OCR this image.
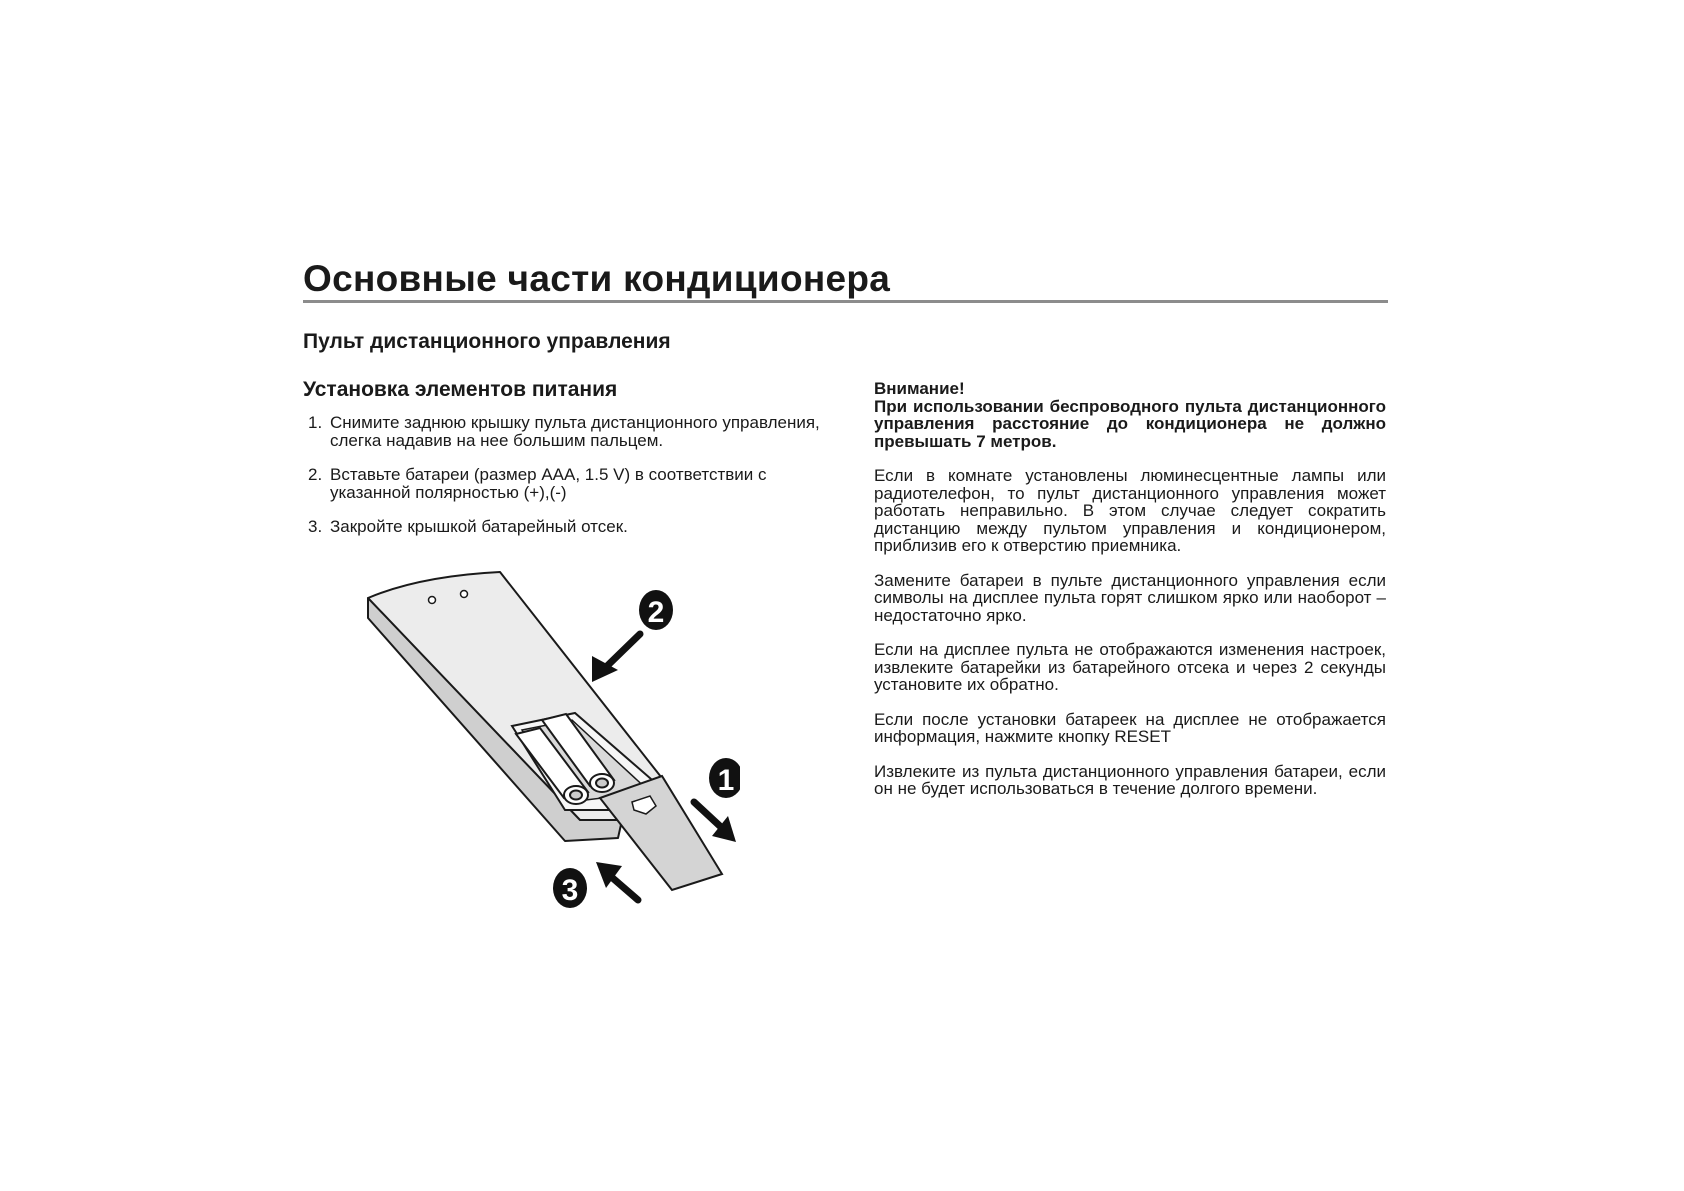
Основные части кондиционера
Пульт дистанционного управления
Установка элементов питания
1. Снимите заднюю крышку пульта дистанционного управления, слегка надавив на нее большим пальцем.
2. Вставьте батареи (размер AAA, 1.5 V) в соответствии с указанной полярностью (+),(-)
3. Закройте крышкой батарейный отсек.

Внимание!

При использовании беспроводного пульта дистанционного управления расстояние до кондиционера не должно превышать 7 метров.

Если в комнате установлены люминесцентные лампы или радиотелефон, то пульт дистанционного управления может работать неправильно. В этом случае следует сократить дистанцию между пультом управления и кондиционером, приблизив его к отверстию приемника.

Замените батареи в пульте дистанционного управления если символы на дисплее пульта горят слишком ярко или наоборот – недостаточно ярко.

Если на дисплее пульта не отображаются изменения настроек, извлеките батарейки из батарейного отсека и через 2 секунды установите их обратно.

Если после установки батареек на дисплее не отображается информация, нажмите кнопку RESET

Извлеките из пульта дистанционного управления батареи, если он не будет использоваться в течение долгого времени.

2
1
3
